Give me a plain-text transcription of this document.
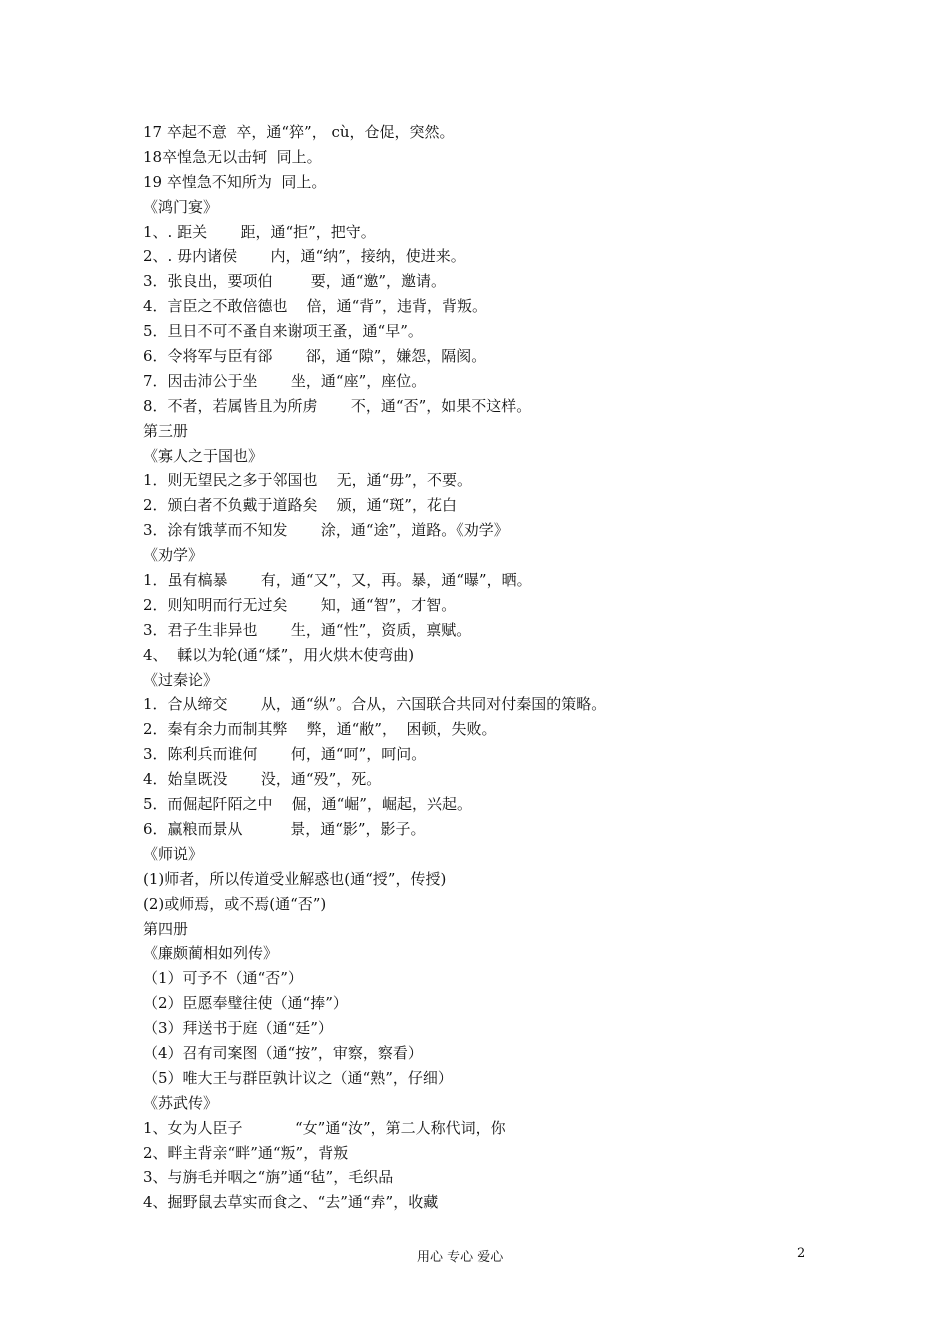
17 卒起不意  卒，通“猝”， cù，仓促，突然。
18卒惶急无以击轲  同上。
19 卒惶急不知所为  同上。
《鸿门宴》
1、. 距关       距，通“拒”，把守。
2、. 毋内诸侯       内，通“纳”，接纳，使进来。
3．张良出，要项伯        要，通“邀”，邀请。
4．言臣之不敢倍德也    倍，通“背”，违背，背叛。
5．旦日不可不蚤自来谢项王蚤，通“早”。
6．令将军与臣有郤       郤，通“隙”，嫌怨，隔阂。
7．因击沛公于坐       坐，通“座”，座位。
8．不者，若属皆且为所虏       不，通“否”，如果不这样。
第三册
《寡人之于国也》
1．则无望民之多于邻国也    无，通“毋”，不要。
2．颁白者不负戴于道路矣    颁，通“斑”，花白
3．涂有饿莩而不知发       涂，通“途”，道路。《劝学》
《劝学》
1．虽有槁暴       有，通“又”，又，再。暴，通“曝”，晒。
2．则知明而行无过矣       知，通“智”，才智。
3．君子生非异也       生，通“性”，资质，禀赋。
4、  輮以为轮(通“煣”，用火烘木使弯曲)
《过秦论》
1．合从缔交       从，通“纵”。合从，六国联合共同对付秦国的策略。
2．秦有余力而制其弊    弊，通“敝”，  困顿，失败。
3．陈利兵而谁何       何，通“呵”，呵问。
4．始皇既没       没，通“殁”，死。
5．而倔起阡陌之中    倔，通“崛”，崛起，兴起。
6．赢粮而景从          景，通“影”，影子。
《师说》
(1)师者，所以传道受业解惑也(通“授”，传授)
(2)或师焉，或不焉(通“否”)
第四册
《廉颇蔺相如列传》
（1）可予不（通“否”）
（2）臣愿奉璧往使（通“捧”）
（3）拜送书于庭（通“廷”）
（4）召有司案图（通“按”，审察，察看）
（5）唯大王与群臣孰计议之（通“熟”，仔细）
《苏武传》
1、女为人臣子           “女”通“汝”，第二人称代词，你
2、畔主背亲“畔”通“叛”，背叛
3、与旃毛并咽之“旃”通“毡”，毛织品
4、掘野鼠去草实而食之、“去”通“弆”，收藏
用心 专心 爱心	2
